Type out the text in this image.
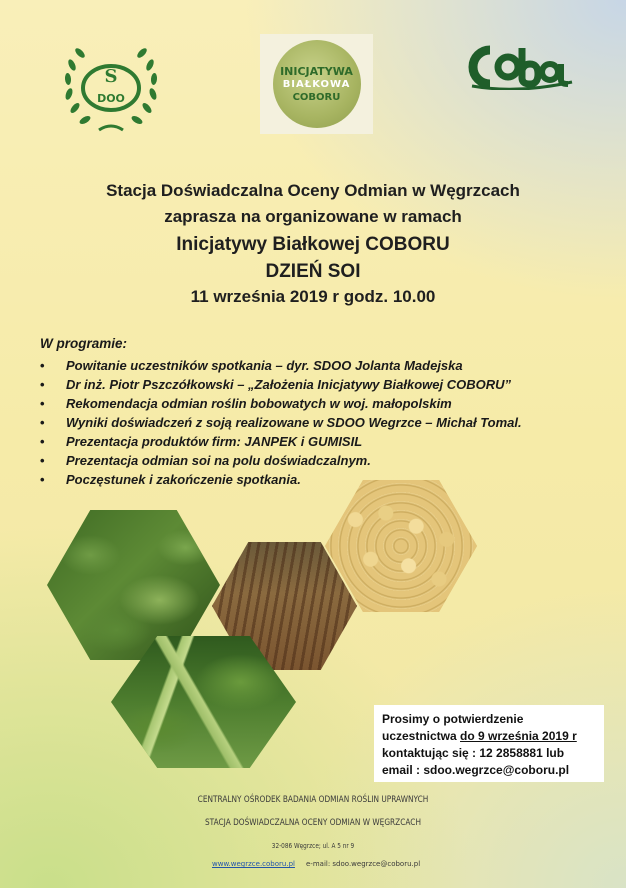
S
DOO
INICJATYWA
BIAŁKOWA
COBORU
Stacja Doświadczalna Oceny Odmian w Węgrzcach
zaprasza na organizowane w ramach
Inicjatywy Białkowej COBORU
DZIEŃ SOI
11 września 2019 r godz. 10.00
W programie:
• Powitanie uczestników spotkania – dyr. SDOO Jolanta Madejska
• Dr inż. Piotr Pszczółkowski – „Założenia Inicjatywy Białkowej COBORU”
• Rekomendacja odmian roślin bobowatych w woj. małopolskim
• Wyniki doświadczeń z soją realizowane w SDOO Wegrzce – Michał Tomal.
• Prezentacja produktów firm: JANPEK i GUMISIL
• Prezentacja odmian soi na polu doświadczalnym.
• Poczęstunek i zakończenie spotkania.
Prosimy o potwierdzenie
uczestnictwa do 9 września 2019 r
kontaktując się : 12 2858881 lub
email : sdoo.wegrzce@coboru.pl
CENTRALNY OŚRODEK BADANIA ODMIAN ROŚLIN UPRAWNYCH
STACJA DOŚWIADCZALNA OCENY ODMIAN W WĘGRZCACH
32-086 Węgrzce; ul. A 5 nr 9
www.wegrzce.coboru.pl e-mail: sdoo.wegrzce@coboru.pl
